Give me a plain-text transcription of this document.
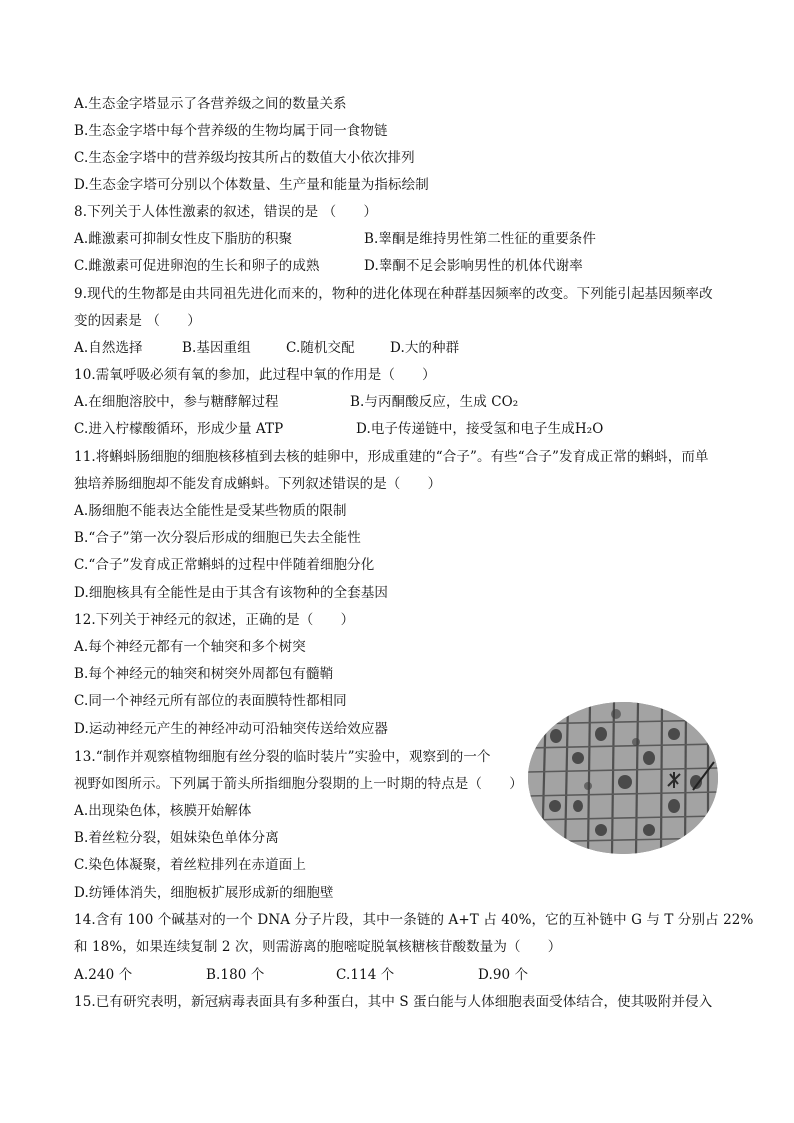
A.生态金字塔显示了各营养级之间的数量关系
B.生态金字塔中每个营养级的生物均属于同一食物链
C.生态金字塔中的营养级均按其所占的数值大小依次排列
D.生态金字塔可分别以个体数量、生产量和能量为指标绘制
8.下列关于人体性激素的叙述，错误的是 （　　）
A.雌激素可抑制女性皮下脂肪的积聚	B.睾酮是维持男性第二性征的重要条件
C.雌激素可促进卵泡的生长和卵子的成熟	D.睾酮不足会影响男性的机体代谢率
9.现代的生物都是由共同祖先进化而来的，物种的进化体现在种群基因频率的改变。下列能引起基因频率改
变的因素是 （　　）
A.自然选择	B.基因重组	C.随机交配	D.大的种群
10.需氧呼吸必须有氧的参加，此过程中氧的作用是（　　）
A.在细胞溶胶中，参与糖酵解过程	B.与丙酮酸反应，生成 CO₂
C.进入柠檬酸循环，形成少量 ATP	D.电子传递链中，接受氢和电子生成H₂O
11.将蝌蚪肠细胞的细胞核移植到去核的蛙卵中，形成重建的“合子”。有些“合子”发育成正常的蝌蚪，而单
独培养肠细胞却不能发育成蝌蚪。下列叙述错误的是（　　）
A.肠细胞不能表达全能性是受某些物质的限制
B.“合子”第一次分裂后形成的细胞已失去全能性
C.“合子”发育成正常蝌蚪的过程中伴随着细胞分化
D.细胞核具有全能性是由于其含有该物种的全套基因
12.下列关于神经元的叙述，正确的是（　　）
A.每个神经元都有一个轴突和多个树突
B.每个神经元的轴突和树突外周都包有髓鞘
C.同一个神经元所有部位的表面膜特性都相同
D.运动神经元产生的神经冲动可沿轴突传送给效应器
13.“制作并观察植物细胞有丝分裂的临时装片”实验中，观察到的一个
视野如图所示。下列属于箭头所指细胞分裂期的上一时期的特点是（　　）
A.出现染色体，核膜开始解体
B.着丝粒分裂，姐妹染色单体分离
C.染色体凝聚，着丝粒排列在赤道面上
D.纺锤体消失，细胞板扩展形成新的细胞壁
14.含有 100 个碱基对的一个 DNA 分子片段，其中一条链的 A+T 占 40%，它的互补链中 G 与 T 分别占 22%
和 18%，如果连续复制 2 次，则需游离的胞嘧啶脱氧核糖核苷酸数量为（　　）
A.240 个	B.180 个	C.114 个	D.90 个
15.已有研究表明，新冠病毒表面具有多种蛋白，其中 S 蛋白能与人体细胞表面受体结合，使其吸附并侵入
